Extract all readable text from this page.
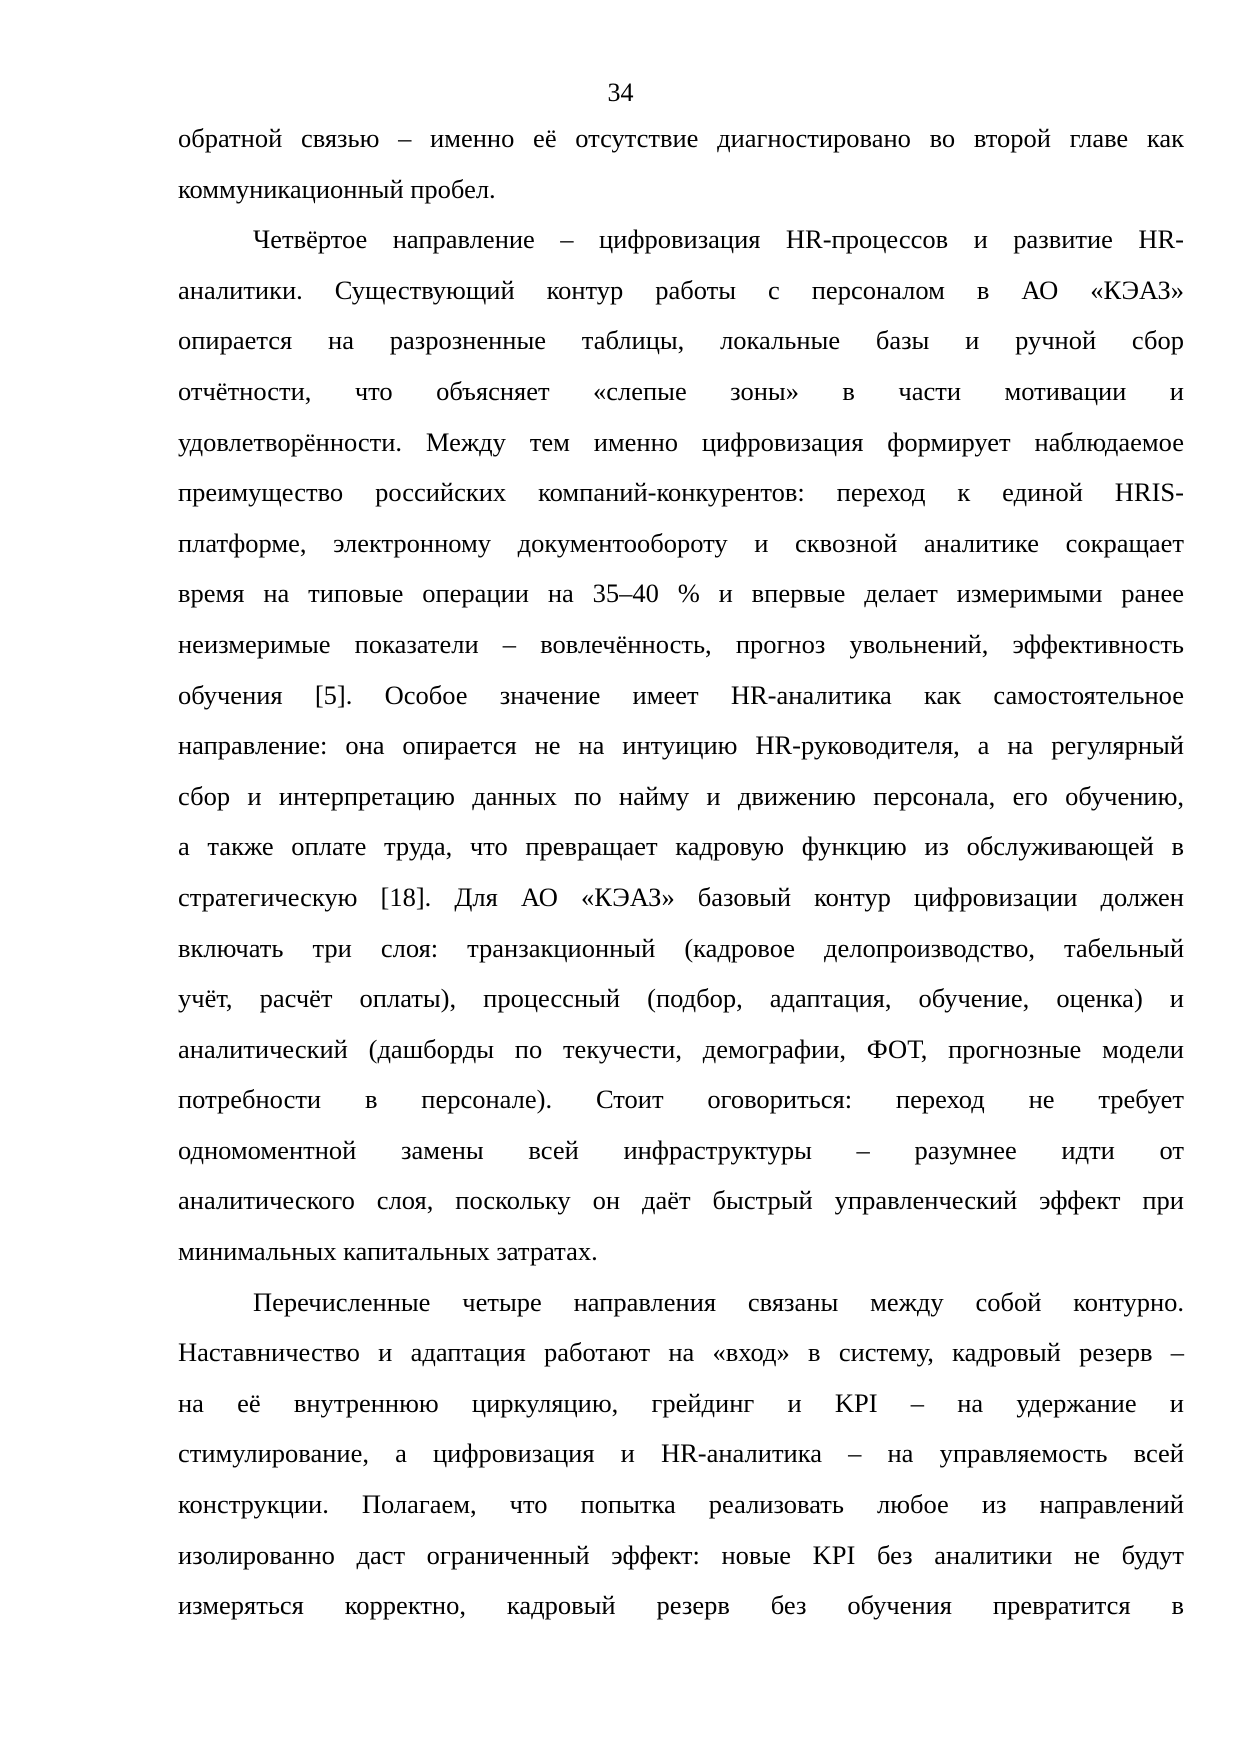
34
обратной связью – именно её отсутствие диагностировано во второй главе как
коммуникационный пробел.
Четвёртое направление – цифровизация HR-процессов и развитие HR-
аналитики. Существующий контур работы с персоналом в АО «КЭАЗ»
опирается на разрозненные таблицы, локальные базы и ручной сбор
отчётности, что объясняет «слепые зоны» в части мотивации и
удовлетворённости. Между тем именно цифровизация формирует наблюдаемое
преимущество российских компаний-конкурентов: переход к единой HRIS-
платформе, электронному документообороту и сквозной аналитике сокращает
время на типовые операции на 35–40 % и впервые делает измеримыми ранее
неизмеримые показатели – вовлечённость, прогноз увольнений, эффективность
обучения [5]. Особое значение имеет HR-аналитика как самостоятельное
направление: она опирается не на интуицию HR-руководителя, а на регулярный
сбор и интерпретацию данных по найму и движению персонала, его обучению,
а также оплате труда, что превращает кадровую функцию из обслуживающей в
стратегическую [18]. Для АО «КЭАЗ» базовый контур цифровизации должен
включать три слоя: транзакционный (кадровое делопроизводство, табельный
учёт, расчёт оплаты), процессный (подбор, адаптация, обучение, оценка) и
аналитический (дашборды по текучести, демографии, ФОТ, прогнозные модели
потребности в персонале). Стоит оговориться: переход не требует
одномоментной замены всей инфраструктуры – разумнее идти от
аналитического слоя, поскольку он даёт быстрый управленческий эффект при
минимальных капитальных затратах.
Перечисленные четыре направления связаны между собой контурно.
Наставничество и адаптация работают на «вход» в систему, кадровый резерв –
на её внутреннюю циркуляцию, грейдинг и KPI – на удержание и
стимулирование, а цифровизация и HR-аналитика – на управляемость всей
конструкции. Полагаем, что попытка реализовать любое из направлений
изолированно даст ограниченный эффект: новые KPI без аналитики не будут
измеряться корректно, кадровый резерв без обучения превратится в
